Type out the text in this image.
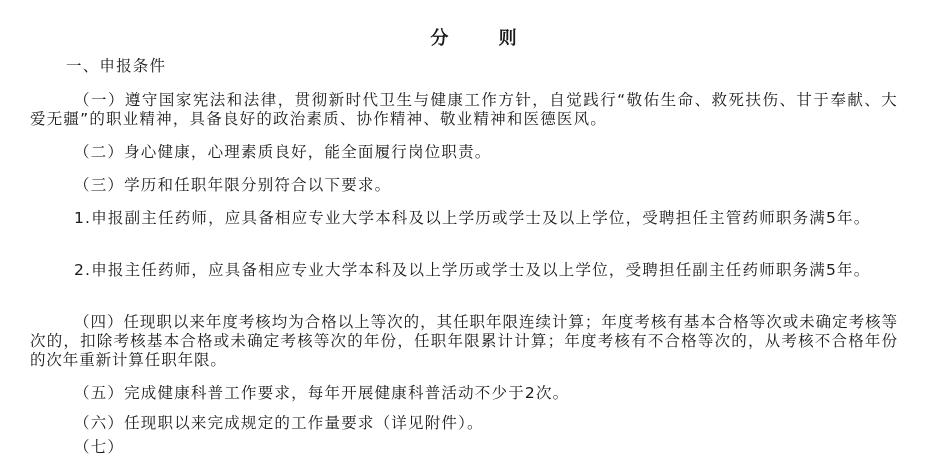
分 则
一、申报条件
（一）遵守国家宪法和法律，贯彻新时代卫生与健康工作方针，自觉践行“敬佑生命、救死扶伤、甘于奉献、大爱无疆”的职业精神，具备良好的政治素质、协作精神、敬业精神和医德医风。
（二）身心健康，心理素质良好，能全面履行岗位职责。
（三）学历和任职年限分别符合以下要求。
1.申报副主任药师，应具备相应专业大学本科及以上学历或学士及以上学位，受聘担任主管药师职务满5年。
2.申报主任药师，应具备相应专业大学本科及以上学历或学士及以上学位，受聘担任副主任药师职务满5年。
（四）任现职以来年度考核均为合格以上等次的，其任职年限连续计算；年度考核有基本合格等次或未确定考核等次的，扣除考核基本合格或未确定考核等次的年份，任职年限累计计算；年度考核有不合格等次的，从考核不合格年份的次年重新计算任职年限。
（五）完成健康科普工作要求，每年开展健康科普活动不少于2次。
（六）任现职以来完成规定的工作量要求（详见附件）。
（七）
